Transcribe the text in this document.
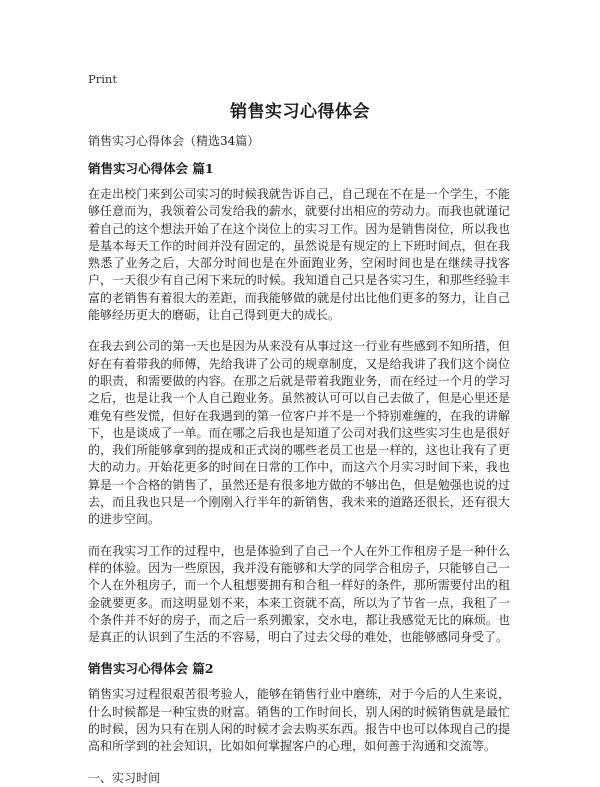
Print
销售实习心得体会
销售实习心得体会（精选34篇）
销售实习心得体会 篇1

在走出校门来到公司实习的时候我就告诉自己，自己现在不在是一个学生，不能够任意而为，我领着公司发给我的薪水，就要付出相应的劳动力。而我也就谨记着自己的这个想法开始了在这个岗位上的实习工作。因为是销售岗位，所以我也是基本每天工作的时间并没有固定的，虽然说是有规定的上下班时间点，但在我熟悉了业务之后，大部分时间也是在外面跑业务，空闲时间也是在继续寻找客户，一天很少有自己闲下来玩的时候。我知道自己只是各实习生，和那些经验丰富的老销售有着很大的差距，而我能够做的就是付出比他们更多的努力，让自己能够经历更大的磨砺，让自己得到更大的成长。

在我去到公司的第一天也是因为从来没有从事过这一行业有些感到不知所措，但好在有着带我的师傅，先给我讲了公司的规章制度，又是给我讲了我们这个岗位的职责，和需要做的内容。在那之后就是带着我跑业务，而在经过一个月的学习之后，也是让我一个人自己跑业务。虽然被认可可以自己去做了，但是心里还是难免有些发慌，但好在我遇到的第一位客户并不是一个特别难缠的，在我的讲解下，也是谈成了一单。而在哪之后我也是知道了公司对我们这些实习生也是很好的，我们所能够拿到的提成和正式岗的哪些老员工也是一样的，这也让我有了更大的动力。开始花更多的时间在日常的工作中，而这六个月实习时间下来，我也算是一个合格的销售了，虽然还是有很多地方做的不够出色，但是勉强也说的过去，而且我也只是一个刚刚入行半年的新销售，我未来的道路还很长，还有很大的进步空间。

而在我实习工作的过程中，也是体验到了自己一个人在外工作租房子是一种什么样的体验。因为一些原因，我并没有能够和大学的同学合租房子，只能够自己一个人在外租房子，而一个人租想要拥有和合租一样好的条件，那所需要付出的租金就要更多。而这明显划不来，本来工资就不高，所以为了节省一点，我租了一个条件并不好的房子，而之后一系列搬家，交水电，都让我感觉无比的麻烦。也是真正的认识到了生活的不容易，明白了过去父母的难处，也能够感同身受了。

销售实习心得体会 篇2

销售实习过程很艰苦很考验人，能够在销售行业中磨练，对于今后的人生来说，什么时候都是一种宝贵的财富。销售的工作时间长，别人闲的时候销售就是最忙的时候，因为只有在别人闲的时候才会去购买东西。报告中也可以体现自己的提高和所学到的社会知识，比如如何掌握客户的心理，如何善于沟通和交流等。

一、实习时间
